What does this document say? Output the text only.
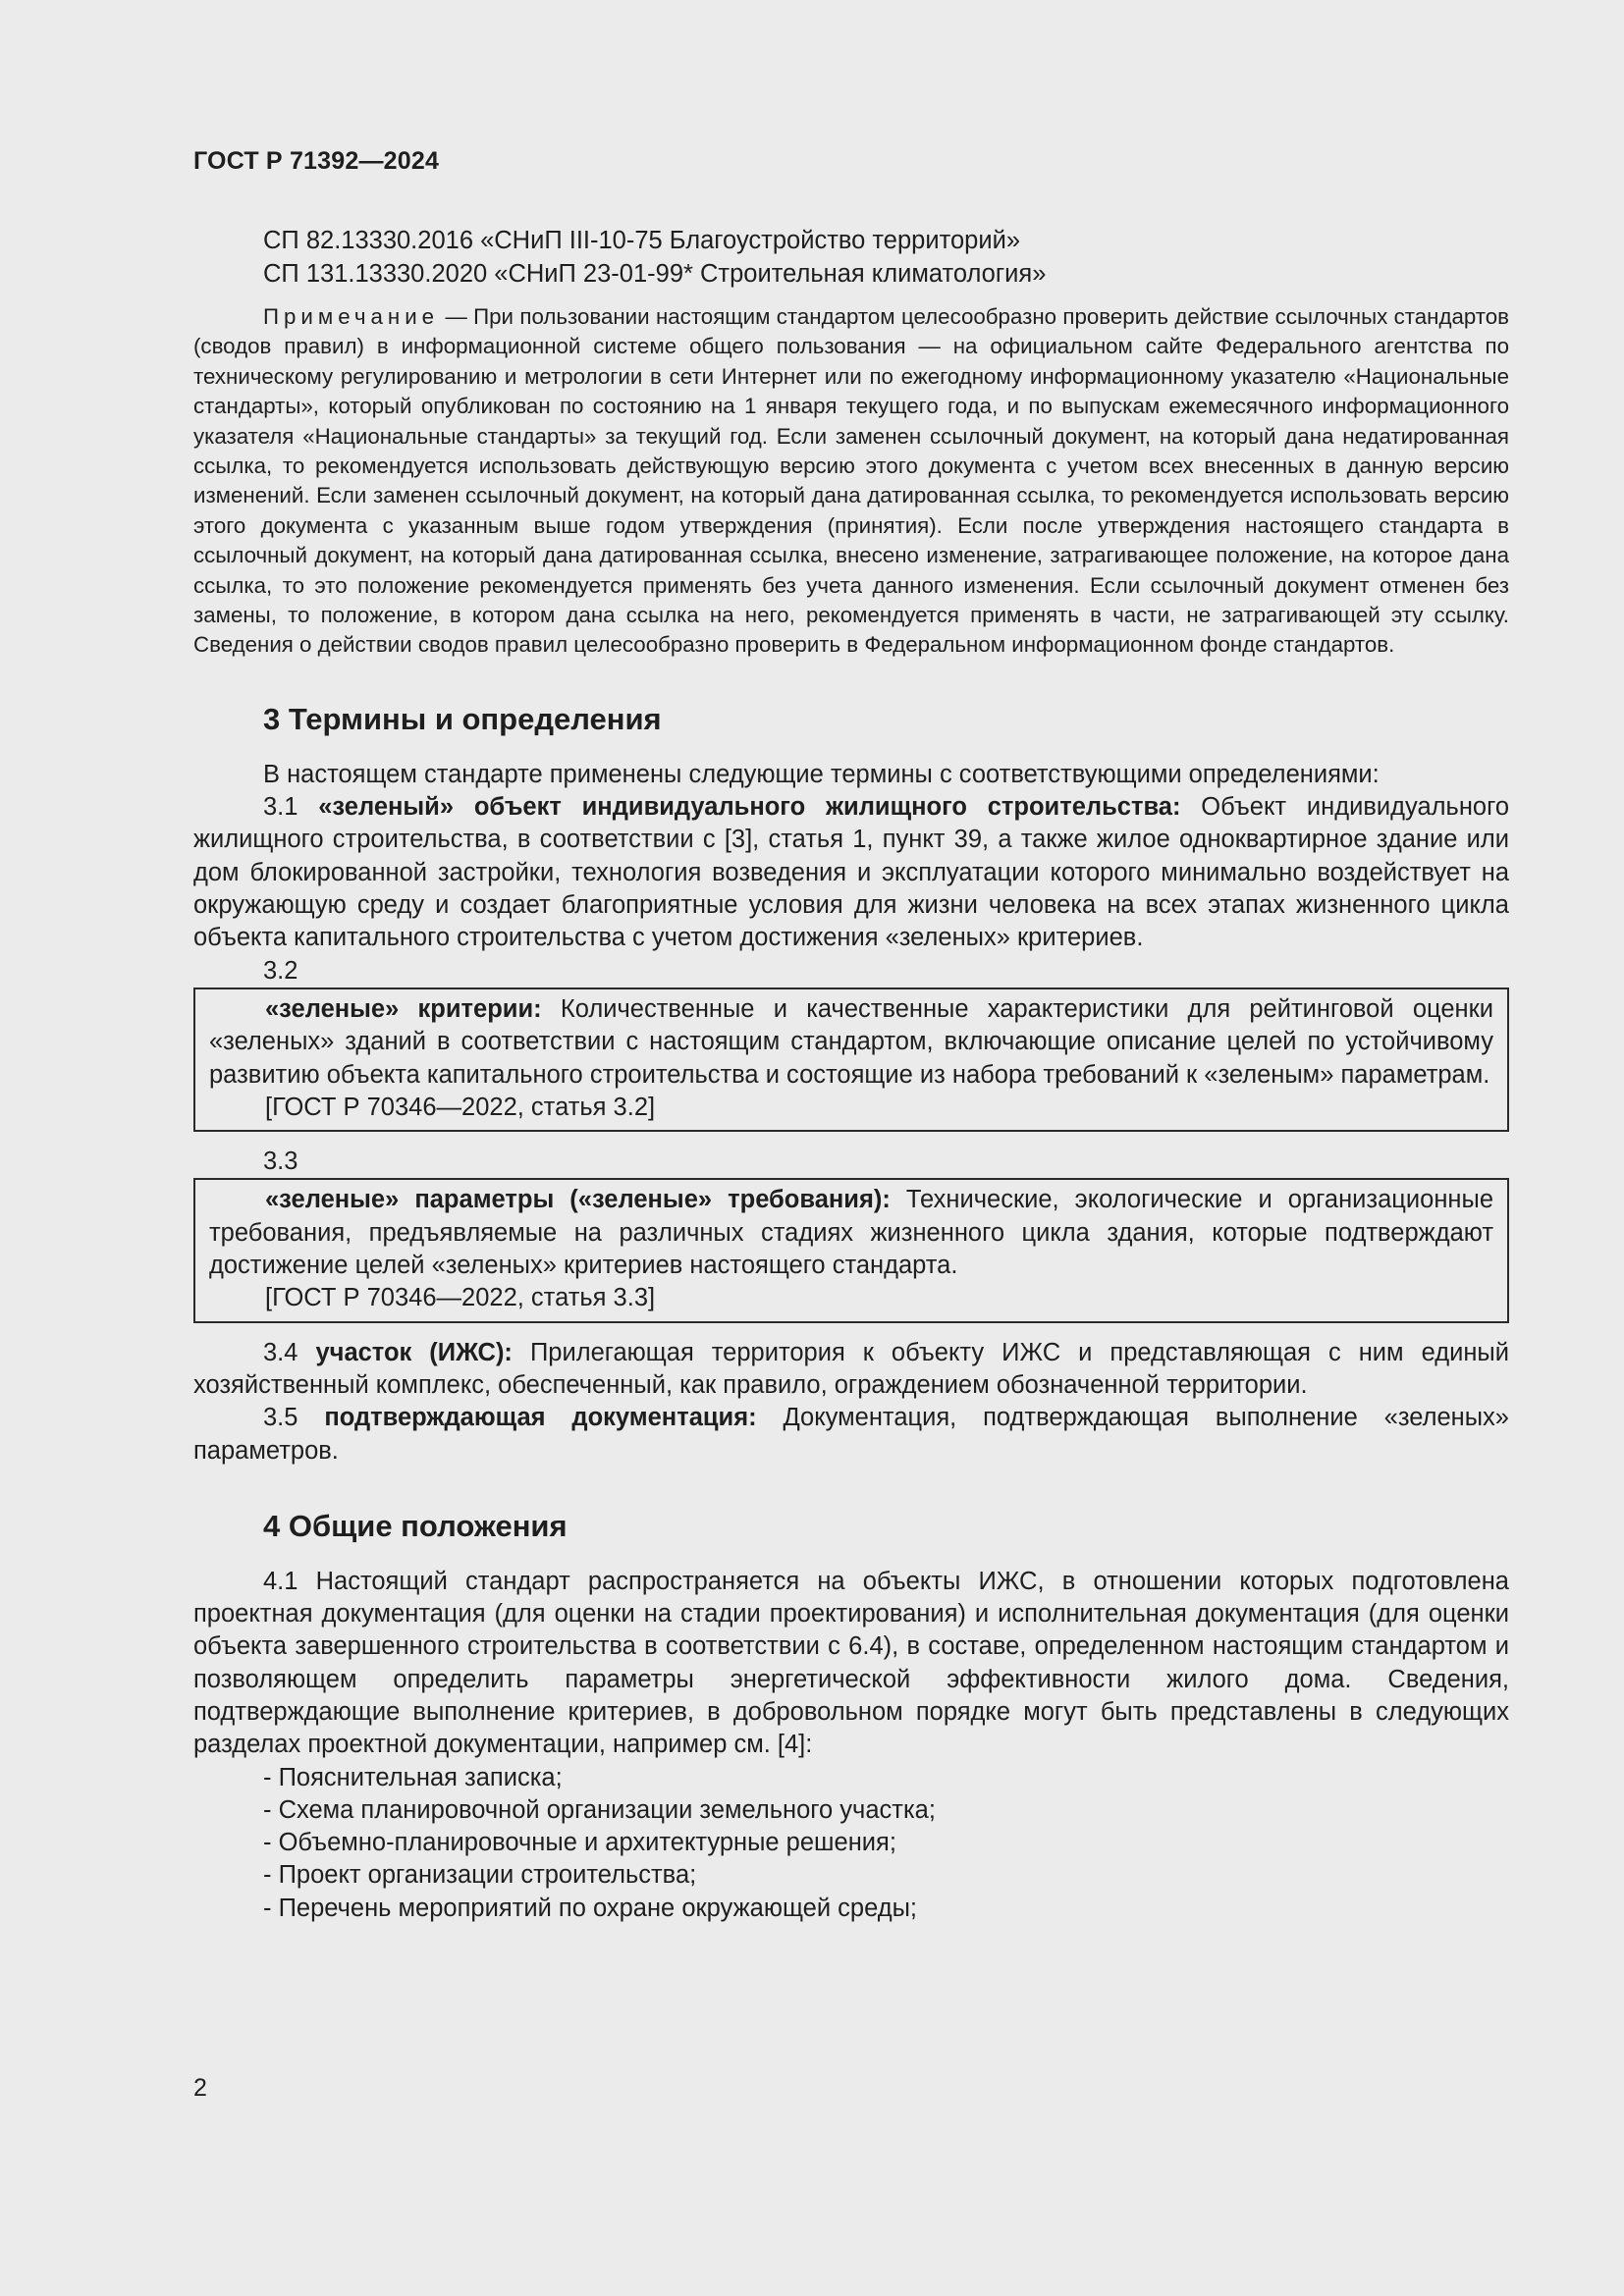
ГОСТ Р 71392—2024
СП 82.13330.2016 «СНиП III-10-75 Благоустройство территорий»
СП 131.13330.2020 «СНиП 23-01-99* Строительная климатология»
Примечание — При пользовании настоящим стандартом целесообразно проверить действие ссылочных стандартов (сводов правил) в информационной системе общего пользования — на официальном сайте Федерального агентства по техническому регулированию и метрологии в сети Интернет или по ежегодному информационному указателю «Национальные стандарты», который опубликован по состоянию на 1 января текущего года, и по выпускам ежемесячного информационного указателя «Национальные стандарты» за текущий год. Если заменен ссылочный документ, на который дана недатированная ссылка, то рекомендуется использовать действующую версию этого документа с учетом всех внесенных в данную версию изменений. Если заменен ссылочный документ, на который дана датированная ссылка, то рекомендуется использовать версию этого документа с указанным выше годом утверждения (принятия). Если после утверждения настоящего стандарта в ссылочный документ, на который дана датированная ссылка, внесено изменение, затрагивающее положение, на которое дана ссылка, то это положение рекомендуется применять без учета данного изменения. Если ссылочный документ отменен без замены, то положение, в котором дана ссылка на него, рекомендуется применять в части, не затрагивающей эту ссылку. Сведения о действии сводов правил целесообразно проверить в Федеральном информационном фонде стандартов.
3 Термины и определения
В настоящем стандарте применены следующие термины с соответствующими определениями:
3.1 «зеленый» объект индивидуального жилищного строительства: Объект индивидуального жилищного строительства, в соответствии с [3], статья 1, пункт 39, а также жилое одноквартирное здание или дом блокированной застройки, технология возведения и эксплуатации которого минимально воздействует на окружающую среду и создает благоприятные условия для жизни человека на всех этапах жизненного цикла объекта капитального строительства с учетом достижения «зеленых» критериев.
3.2
«зеленые» критерии: Количественные и качественные характеристики для рейтинговой оценки «зеленых» зданий в соответствии с настоящим стандартом, включающие описание целей по устойчивому развитию объекта капитального строительства и состоящие из набора требований к «зеленым» параметрам.
[ГОСТ Р 70346—2022, статья 3.2]
3.3
«зеленые» параметры («зеленые» требования): Технические, экологические и организационные требования, предъявляемые на различных стадиях жизненного цикла здания, которые подтверждают достижение целей «зеленых» критериев настоящего стандарта.
[ГОСТ Р 70346—2022, статья 3.3]
3.4 участок (ИЖС): Прилегающая территория к объекту ИЖС и представляющая с ним единый хозяйственный комплекс, обеспеченный, как правило, ограждением обозначенной территории.
3.5 подтверждающая документация: Документация, подтверждающая выполнение «зеленых» параметров.
4 Общие положения
4.1 Настоящий стандарт распространяется на объекты ИЖС, в отношении которых подготовлена проектная документация (для оценки на стадии проектирования) и исполнительная документация (для оценки объекта завершенного строительства в соответствии с 6.4), в составе, определенном настоящим стандартом и позволяющем определить параметры энергетической эффективности жилого дома. Сведения, подтверждающие выполнение критериев, в добровольном порядке могут быть представлены в следующих разделах проектной документации, например см. [4]:
- Пояснительная записка;
- Схема планировочной организации земельного участка;
- Объемно-планировочные и архитектурные решения;
- Проект организации строительства;
- Перечень мероприятий по охране окружающей среды;
2
